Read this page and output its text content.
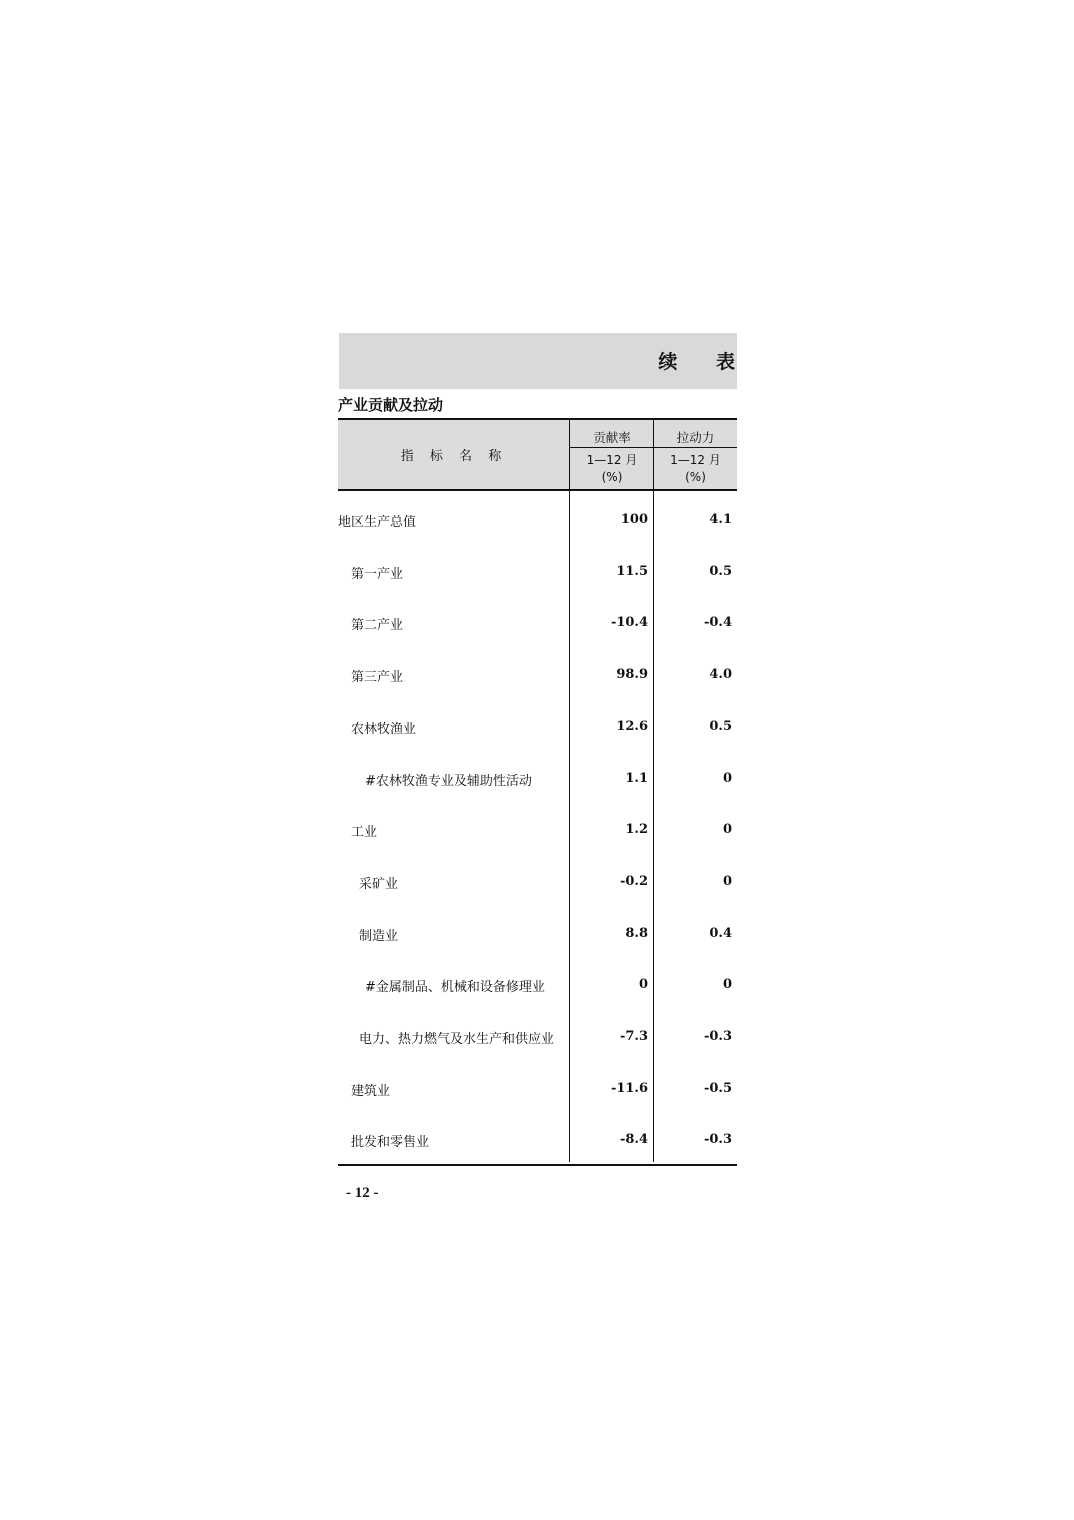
续 表
产业贡献及拉动
指 标 名 称
贡献率	拉动力
1—12 月
(%)
1—12 月
(%)
地区生产总值	100	4.1
第一产业	11.5	0.5
第二产业	-10.4	-0.4
第三产业	98.9	4.0
农林牧渔业	12.6	0.5
#农林牧渔专业及辅助性活动	1.1	0
工业	1.2	0
采矿业	-0.2	0
制造业	8.8	0.4
#金属制品、机械和设备修理业	0	0
电力、热力燃气及水生产和供应业	-7.3	-0.3
建筑业	-11.6	-0.5
批发和零售业	-8.4	-0.3
- 12 -
